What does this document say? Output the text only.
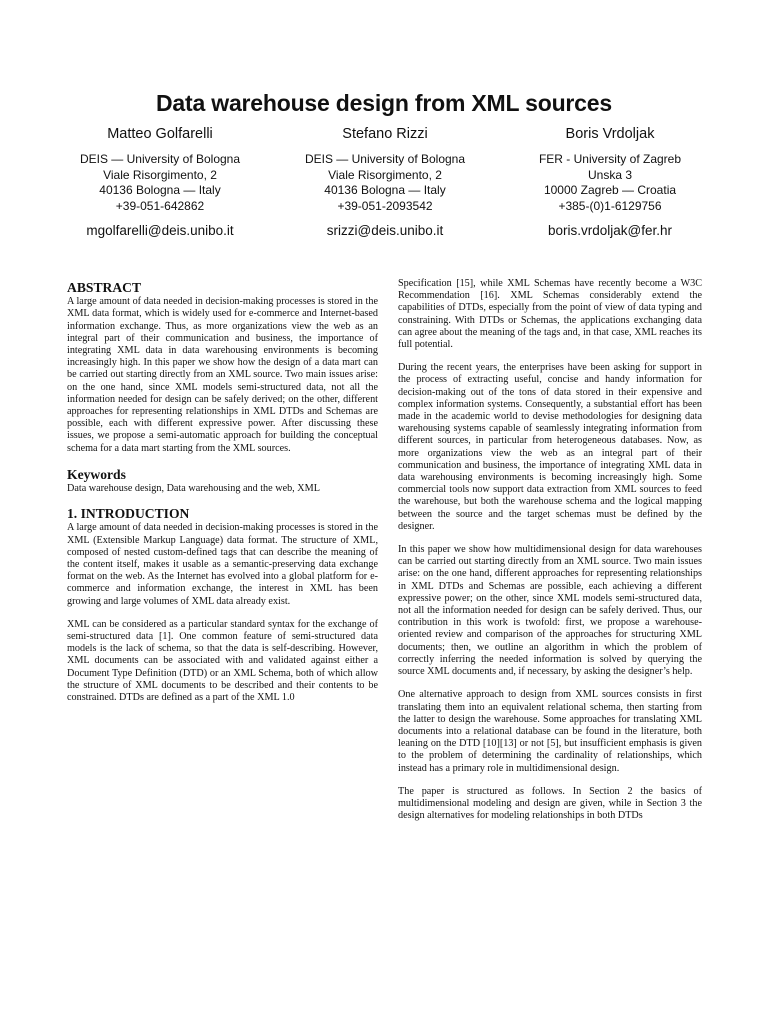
Data warehouse design from XML sources
Matteo Golfarelli
DEIS — University of Bologna
Viale Risorgimento, 2
40136 Bologna — Italy
+39-051-642862
mgolfarelli@deis.unibo.it
Stefano Rizzi
DEIS — University of Bologna
Viale Risorgimento, 2
40136 Bologna — Italy
+39-051-2093542
srizzi@deis.unibo.it
Boris Vrdoljak
FER - University of Zagreb
Unska 3
10000 Zagreb — Croatia
+385-(0)1-6129756
boris.vrdoljak@fer.hr
ABSTRACT

A large amount of data needed in decision-making processes is stored in the XML data format, which is widely used for e-commerce and Internet-based information exchange. Thus, as more organizations view the web as an integral part of their communication and business, the importance of integrating XML data in data warehousing environments is becoming increasingly high. In this paper we show how the design of a data mart can be carried out starting directly from an XML source. Two main issues arise: on the one hand, since XML models semi-structured data, not all the information needed for design can be safely derived; on the other, different approaches for representing relationships in XML DTDs and Schemas are possible, each with different expressive power. After discussing these issues, we propose a semi-automatic approach for building the conceptual schema for a data mart starting from the XML sources.

Keywords

Data warehouse design, Data warehousing and the web, XML

1. INTRODUCTION

A large amount of data needed in decision-making processes is stored in the XML (Extensible Markup Language) data format. The structure of XML, composed of nested custom-defined tags that can describe the meaning of the content itself, makes it usable as a semantic-preserving data exchange format on the web. As the Internet has evolved into a global platform for e-commerce and information exchange, the interest in XML has been growing and large volumes of XML data already exist.

XML can be considered as a particular standard syntax for the exchange of semi-structured data [1]. One common feature of semi-structured data models is the lack of schema, so that the data is self-describing. However, XML documents can be associated with and validated against either a Document Type Definition (DTD) or an XML Schema, both of which allow the structure of XML documents to be described and their contents to be constrained. DTDs are defined as a part of the XML 1.0

Specification [15], while XML Schemas have recently become a W3C Recommendation [16]. XML Schemas considerably extend the capabilities of DTDs, especially from the point of view of data typing and constraining. With DTDs or Schemas, the applications exchanging data can agree about the meaning of the tags and, in that case, XML reaches its full potential.

During the recent years, the enterprises have been asking for support in the process of extracting useful, concise and handy information for decision-making out of the tons of data stored in their expensive and complex information systems. Consequently, a substantial effort has been made in the academic world to devise methodologies for designing data warehousing systems capable of seamlessly integrating information from different sources, in particular from heterogeneous databases. Now, as more organizations view the web as an integral part of their communication and business, the importance of integrating XML data in data warehousing environments is becoming increasingly high. Some commercial tools now support data extraction from XML sources to feed the warehouse, but both the warehouse schema and the logical mapping between the source and the target schemas must be defined by the designer.

In this paper we show how multidimensional design for data warehouses can be carried out starting directly from an XML source. Two main issues arise: on the one hand, different approaches for representing relationships in XML DTDs and Schemas are possible, each achieving a different expressive power; on the other, since XML models semi-structured data, not all the information needed for design can be safely derived. Thus, our contribution in this work is twofold: first, we propose a warehouse-oriented review and comparison of the approaches for structuring XML documents; then, we outline an algorithm in which the problem of correctly inferring the needed information is solved by querying the source XML documents and, if necessary, by asking the designer’s help.

One alternative approach to design from XML sources consists in first translating them into an equivalent relational schema, then starting from the latter to design the warehouse. Some approaches for translating XML documents into a relational database can be found in the literature, both leaning on the DTD [10][13] or not [5], but insufficient emphasis is given to the problem of determining the cardinality of relationships, which instead has a primary role in multidimensional design.

The paper is structured as follows. In Section 2 the basics of multidimensional modeling and design are given, while in Section 3 the design alternatives for modeling relationships in both DTDs
